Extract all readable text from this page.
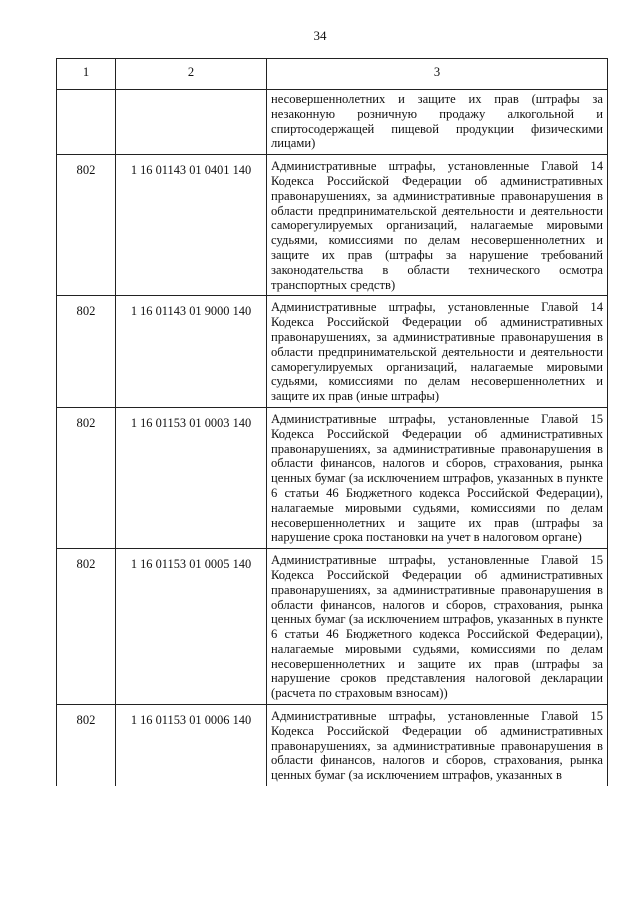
34
1	2	3
		несовершеннолетних и защите их прав (штрафы за незаконную розничную продажу алкогольной и спиртосодержащей пищевой продукции физическими лицами)
802	1 16 01143 01 0401 140	Административные штрафы, установленные Главой 14 Кодекса Российской Федерации об административных правонарушениях, за административные правонарушения в области предпринимательской деятельности и деятельности саморегулируемых организаций, налагаемые мировыми судьями, комиссиями по делам несовершеннолетних и защите их прав (штрафы за нарушение требований законодательства в области технического осмотра транспортных средств)
802	1 16 01143 01 9000 140	Административные штрафы, установленные Главой 14 Кодекса Российской Федерации об административных правонарушениях, за административные правонарушения в области предпринимательской деятельности и деятельности саморегулируемых организаций, налагаемые мировыми судьями, комиссиями по делам несовершеннолетних и защите их прав (иные штрафы)
802	1 16 01153 01 0003 140	Административные штрафы, установленные Главой 15 Кодекса Российской Федерации об административных правонарушениях, за административные правонарушения в области финансов, налогов и сборов, страхования, рынка ценных бумаг (за исключением штрафов, указанных в пункте 6 статьи 46 Бюджетного кодекса Российской Федерации), налагаемые мировыми судьями, комиссиями по делам несовершеннолетних и защите их прав (штрафы за нарушение срока постановки на учет в налоговом органе)
802	1 16 01153 01 0005 140	Административные штрафы, установленные Главой 15 Кодекса Российской Федерации об административных правонарушениях, за административные правонарушения в области финансов, налогов и сборов, страхования, рынка ценных бумаг (за исключением штрафов, указанных в пункте 6 статьи 46 Бюджетного кодекса Российской Федерации), налагаемые мировыми судьями, комиссиями по делам несовершеннолетних и защите их прав (штрафы за нарушение сроков представления налоговой декларации (расчета по страховым взносам))
802	1 16 01153 01 0006 140	Административные штрафы, установленные Главой 15 Кодекса Российской Федерации об административных правонарушениях, за административные правонарушения в области финансов, налогов и сборов, страхования, рынка ценных бумаг (за исключением штрафов, указанных в
